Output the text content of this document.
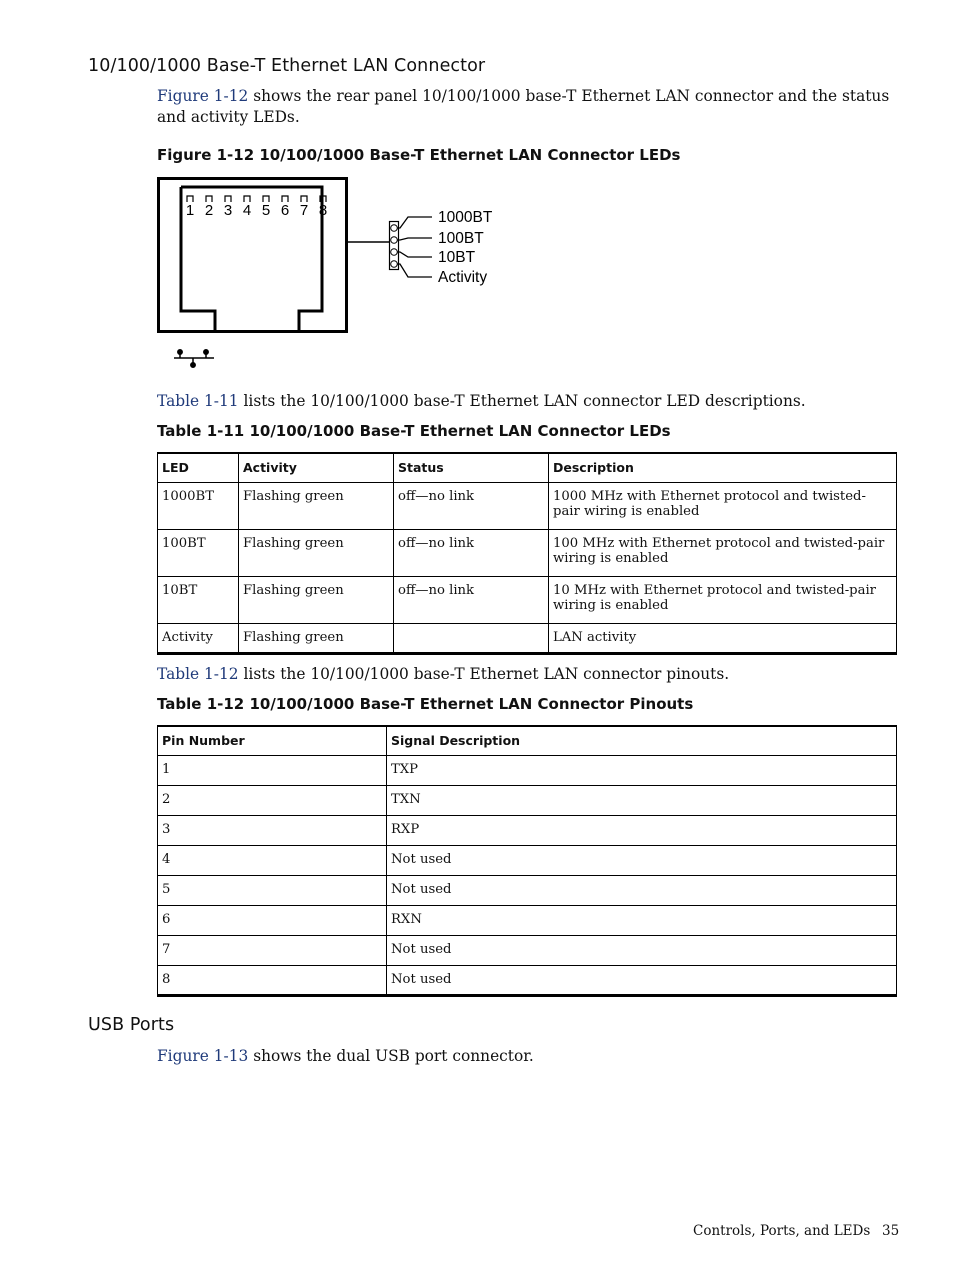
10/100/1000 Base-T Ethernet LAN Connector
Figure 1-12 shows the rear panel 10/100/1000 base-T Ethernet LAN connector and the status and activity LEDs.
Figure 1-12 10/100/1000 Base-T Ethernet LAN Connector LEDs
1 2 3 4 5 6 7 8	1000BT
100BT
10BT
Activity
Table 1-11 lists the 10/100/1000 base-T Ethernet LAN connector LED descriptions.
Table 1-11 10/100/1000 Base-T Ethernet LAN Connector LEDs
LED	Activity	Status	Description
1000BT	Flashing green	off—no link	1000 MHz with Ethernet protocol and twisted-pair wiring is enabled
100BT	Flashing green	off—no link	100 MHz with Ethernet protocol and twisted-pair wiring is enabled
10BT	Flashing green	off—no link	10 MHz with Ethernet protocol and twisted-pair wiring is enabled
Activity	Flashing green		LAN activity
Table 1-12 lists the 10/100/1000 base-T Ethernet LAN connector pinouts.
Table 1-12 10/100/1000 Base-T Ethernet LAN Connector Pinouts
Pin Number	Signal Description
1	TXP
2	TXN
3	RXP
4	Not used
5	Not used
6	RXN
7	Not used
8	Not used
USB Ports
Figure 1-13 shows the dual USB port connector.
Controls, Ports, and LEDs 35
